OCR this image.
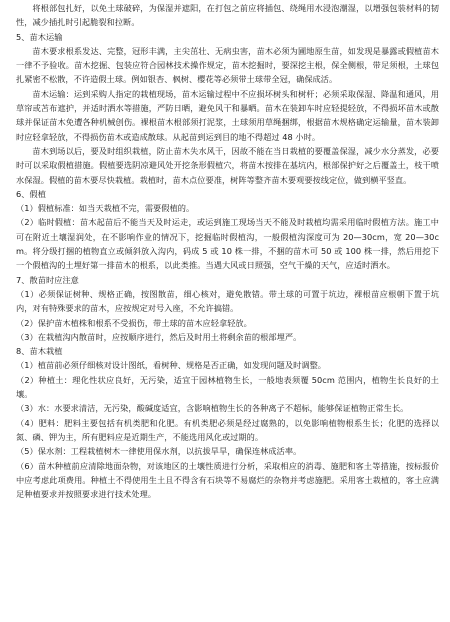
将根部包扎好，以免土球破碎，为保湿并遮阳，在打包之前应将插包、绕绳用水浸泡潮湿，以增强包装材料的韧性，减少插扎时引起脆裂和拉断。

5、苗木运输

苗木要求根系发达、完整，冠形丰满，主尖茁壮、无病虫害，苗木必须为圃地原生苗，如发现是暴露或假植苗木一律不予验收。苗木挖掘、包装应符合园林技术操作规定，苗木挖掘时，要深挖主根，保全侧根，带足须根，土球包扎紧密不松散，不许造假土球。例如银杏、枫树、樱花等必须带土球带全冠，确保成活。

苗木运输：运到采购人指定的栽植现场，苗木运输过程中不应损坏树头和树杆；必须采取保湿、降温和通风，用草帘或苫布遮护，并适时洒水等措施，严防日晒，避免风干和暴晒。苗木在装卸车时应轻提轻放，不得损坏苗木或散球并保证苗木免遭各种机械创伤。裸根苗木根部须打泥浆，土球须用草绳捆绑，根据苗木规格确定运输量，苗木装卸时应轻拿轻放，不得损伤苗木或造成散球。从起苗到运到目的地不得超过 48 小时。

苗木到场以后，要及时组织栽植，防止苗木失水风干，因故不能在当日栽植的要覆盖保湿，减少水分蒸发，必要时可以采取假植措施。假植要选阴凉避风处开挖条形假植穴，将苗木按排在基坑内，根部保护好之后覆盖土，枝干喷水保湿。假植的苗木要尽快栽植。栽植时，苗木点位要准，树阵等整齐苗木要观要按线定位，做到横平竖直。

6、假植

（1）假植标准：如当天栽植不完，需要假植的。

（2）临时假植：苗木起苗后不能当天及时运走，或运到施工现场当天不能及时栽植均需采用临时假植方法。施工中可在附近土壤湿润处，在不影响作业的情况下，挖掘临时假植沟，一般假植沟深度可为 20—30cm，宽 20—30cm。将分级打捆的植物直立或倾斜放入沟内，码成 5 或 10 株一排，不捆的苗木可 50 或 100 株一排，然后用挖下一个假植沟的土埋好第一排苗木的根系，以此类推。当遇大风或日照强，空气干燥的天气，应适时洒水。

7、散苗时应注意

（1）必须保证树种、规格正确，按图散苗，细心核对，避免散错。带土球的可置于坑边，裸根苗应根朝下置于坑内，对有特殊要求的苗木，应按规定对号入座，不允许搞错。

（2）保护苗木植株和根系不受损伤，带土球的苗木应轻拿轻放。

（3）在栽植沟内散苗时，应按顺序进行，然后及时用土将剩余苗的根部埋严。

8、苗木栽植

（1）植苗前必须仔细核对设计图纸，看树种、规格是否正确，如发现问题及时调整。

（2）种植土：理化性状应良好，无污染，适宜于园林植物生长，一般地表须覆 50cm 范围内，植物生长良好的土壤。

（3）水：水要求清洁，无污染，酸碱度适宜，含影响植物生长的各种离子不超标，能够保证植物正常生长。

（4）肥料：肥料主要包括有机类肥和化肥。有机类肥必须是经过腐熟的，以免影响植物根系生长；化肥的选择以氮、磷、钾为主，所有肥料应是近期生产，不能选用风化或过期的。

（5）保水剂：工程栽植树木一律使用保水剂，以抗拔旱旱，确保连林成活率。

（6）苗木种植前应清除地面杂物，对该地区的土壤性质进行分析，采取相应的消毒、施肥和客土等措施，按标报价中应考虑此项费用。种植土不得使用生土且不得含有石块等不易腐烂的杂物并考虑施肥。采用客土栽植的，客土应满足种植要求并按照要求进行技术处理。
